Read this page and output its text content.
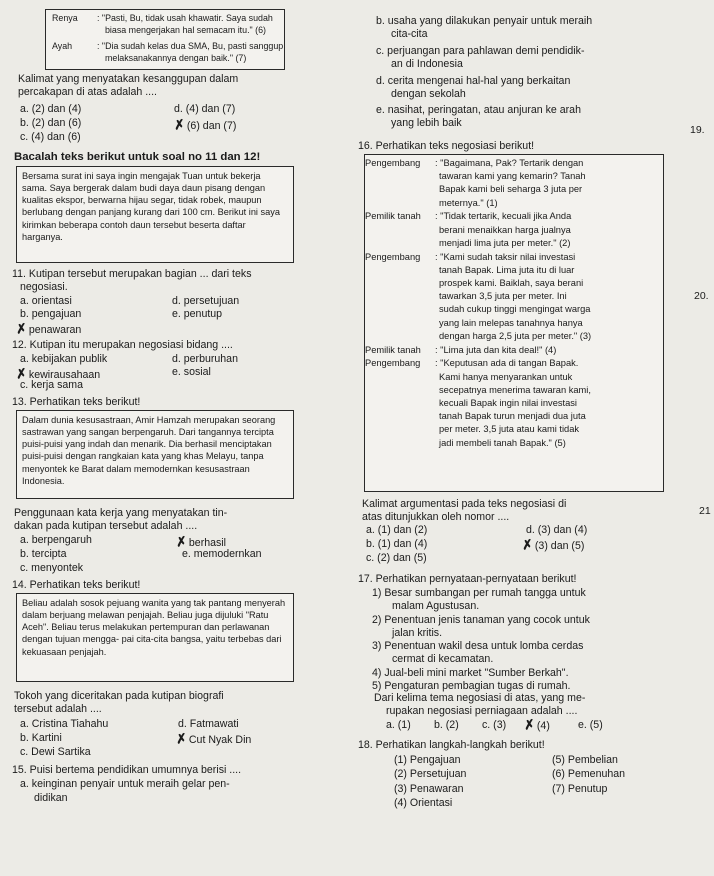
Renya : "Pasti, Bu, tidak usah khawatir. Saya sudah
biasa mengerjakan hal semacam itu." (6)
Ayah	: "Dia sudah kelas dua SMA, Bu, pasti sanggup
melaksanakannya dengan baik." (7)
Kalimat yang menyatakan kesanggupan dalam
percakapan di atas adalah ....
a. (2) dan (4)	d. (4) dan (7)
b. (2) dan (6)	✗(6) dan (7)
c. (4) dan (6)
Bacalah teks berikut untuk soal no 11 dan 12!

Bersama surat ini saya ingin mengajak Tuan untuk bekerja sama. Saya bergerak dalam budi daya daun pisang dengan kualitas ekspor, berwarna hijau segar, tidak robek, maupun berlubang dengan panjang kurang dari 100 cm. Berikut ini saya kirimkan beberapa contoh daun tersebut beserta daftar harganya.

11. Kutipan tersebut merupakan bagian ... dari teks
negosiasi.
a. orientasi	d. persetujuan
b. pengajuan	e. penutup
✗penawaran
12. Kutipan itu merupakan negosiasi bidang ....
a. kebijakan publik	d. perburuhan
✗kewirausahaan	e. sosial
c. kerja sama
13. Perhatikan teks berikut!

Dalam dunia kesusastraan, Amir Hamzah merupakan seorang sastrawan yang sangan berpengaruh. Dari tangannya tercipta puisi-puisi yang indah dan menarik. Dia berhasil menciptakan puisi-puisi dengan rangkaian kata yang khas Melayu, tanpa menyontek ke Barat dalam memodernkan kesusastraan Indonesia.

Penggunaan kata kerja yang menyatakan tin-
dakan pada kutipan tersebut adalah ....
a. berpengaruh	✗berhasil
b. tercipta	e. memodernkan
c. menyontek
14. Perhatikan teks berikut!

Beliau adalah sosok pejuang wanita yang tak pantang menyerah dalam berjuang melawan penjajah. Beliau juga dijuluki "Ratu Aceh". Beliau terus melakukan pertempuran dan perlawanan dengan tujuan mengga- pai cita-cita bangsa, yaitu terbebas dari kekuasaan penjajah.

Tokoh yang diceritakan pada kutipan biografi
tersebut adalah ....
a. Cristina Tiahahu	d. Fatmawati
b. Kartini	✗Cut Nyak Din
c. Dewi Sartika
15. Puisi bertema pendidikan umumnya berisi ....
a. keinginan penyair untuk meraih gelar pen-
didikan
b. usaha yang dilakukan penyair untuk meraih
cita-cita
c. perjuangan para pahlawan demi pendidik-
an di Indonesia
d. cerita mengenai hal-hal yang berkaitan
dengan sekolah
e. nasihat, peringatan, atau anjuran ke arah
yang lebih baik
16. Perhatikan teks negosiasi berikut!
Pengembang : "Bagaimana, Pak? Tertarik dengan
tawaran kami yang kemarin? Tanah
Bapak kami beli seharga 3 juta per
meternya." (1)
Pemilik tanah : "Tidak tertarik, kecuali jika Anda
berani menaikkan harga jualnya
menjadi lima juta per meter." (2)
Pengembang : "Kami sudah taksir nilai investasi
tanah Bapak. Lima juta itu di luar
prospek kami. Baiklah, saya berani
tawarkan 3,5 juta per meter. Ini
sudah cukup tinggi mengingat warga
yang lain melepas tanahnya hanya
dengan harga 2,5 juta per meter." (3)
Pemilik tanah : "Lima juta dan kita deal!" (4)
Pengembang : "Keputusan ada di tangan Bapak.
Kami hanya menyarankan untuk
secepatnya menerima tawaran kami,
kecuali Bapak ingin nilai investasi
tanah Bapak turun menjadi dua juta
per meter. 3,5 juta atau kami tidak
jadi membeli tanah Bapak." (5)
Kalimat argumentasi pada teks negosiasi di
atas ditunjukkan oleh nomor ....
a. (1) dan (2)	d. (3) dan (4)
b. (1) dan (4)	✗(3) dan (5)
c. (2) dan (5)
17. Perhatikan pernyataan-pernyataan berikut!
1) Besar sumbangan per rumah tangga untuk
malam Agustusan.
2) Penentuan jenis tanaman yang cocok untuk
jalan kritis.
3) Penentuan wakil desa untuk lomba cerdas
cermat di kecamatan.
4) Jual-beli mini market "Sumber Berkah".
5) Pengaturan pembagian tugas di rumah.
Dari kelima tema negosiasi di atas, yang me-
rupakan negosiasi perniagaan adalah ....
a. (1) b. (2) c. (3) ✗(4)	e. (5)
18. Perhatikan langkah-langkah berikut!
(1) Pengajuan
(2) Persetujuan
(3) Penawaran
(4) Orientasi
(5) Pembelian
(6) Pemenuhan
(7) Penutup
19.
20.
21
